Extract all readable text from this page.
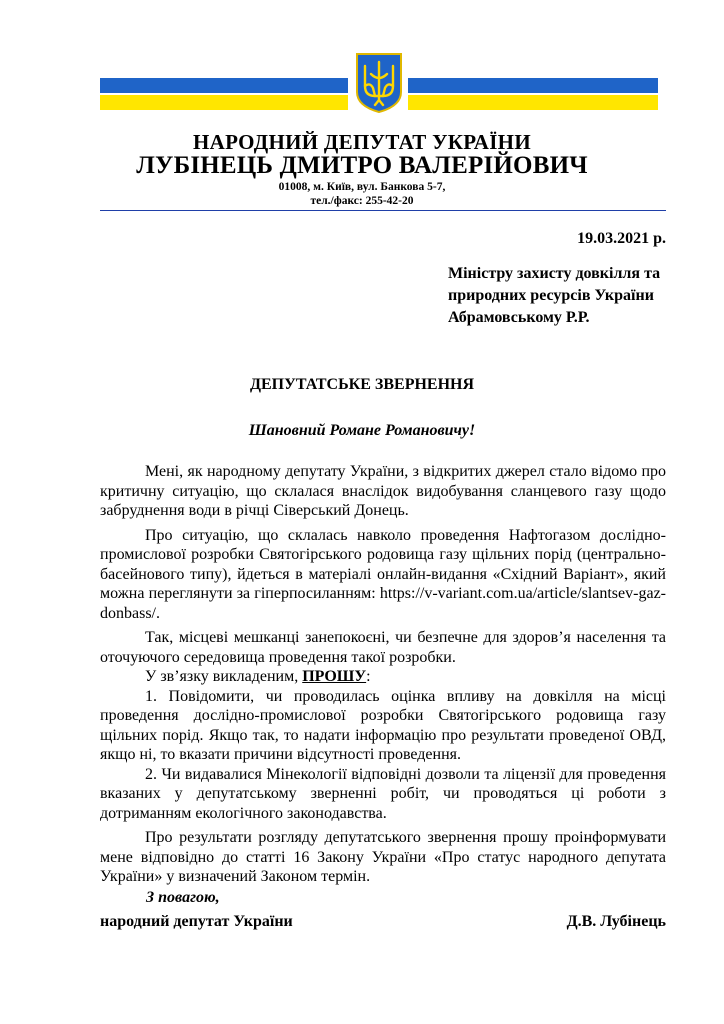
НАРОДНИЙ ДЕПУТАТ УКРАЇНИ
ЛУБІНЕЦЬ ДМИТРО ВАЛЕРІЙОВИЧ
01008, м. Київ, вул. Банкова 5-7,
тел./факс: 255-42-20
19.03.2021 р.
Міністру захисту довкілля та
природних ресурсів України
Абрамовському Р.Р.
ДЕПУТАТСЬКЕ ЗВЕРНЕННЯ
Шановний Романе Романовичу!

Мені, як народному депутату України, з відкритих джерел стало відомо про критичну ситуацію, що склалася внаслідок видобування сланцевого газу щодо забруднення води в річці Сіверський Донець.

Про ситуацію, що склалась навколо проведення Нафтогазом дослідно-промислової розробки Святогірського родовища газу щільних порід (центрально-басейнового типу), йдеться в матеріалі онлайн-видання «Східний Варіант», який можна переглянути за гіперпосиланням: https://v-variant.com.ua/article/slantsev-gaz-donbass/.

Так, місцеві мешканці занепокоєні, чи безпечне для здоров’я населення та оточуючого середовища проведення такої розробки.

У зв’язку викладеним, ПРОШУ:

1. Повідомити, чи проводилась оцінка впливу на довкілля на місці проведення дослідно-промислової розробки Святогірського родовища газу щільних порід. Якщо так, то надати інформацію про результати проведеної ОВД, якщо ні, то вказати причини відсутності проведення.

2. Чи видавалися Мінекології відповідні дозволи та ліцензії для проведення вказаних у депутатському зверненні робіт, чи проводяться ці роботи з дотриманням екологічного законодавства.

Про результати розгляду депутатського звернення прошу проінформувати мене відповідно до статті 16 Закону України «Про статус народного депутата України» у визначений Законом термін.

З повагою,
народний депутат України	Д.В. Лубінець
